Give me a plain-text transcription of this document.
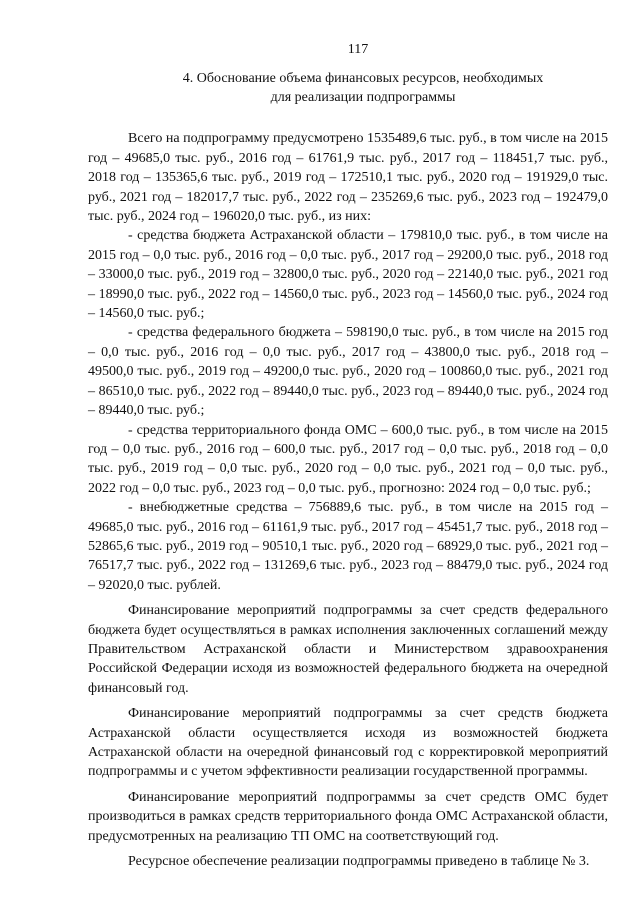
117
4. Обоснование объема финансовых ресурсов, необходимых
для реализации подпрограммы

Всего на подпрограмму предусмотрено 1535489,6 тыс. руб., в том числе на 2015 год – 49685,0 тыс. руб., 2016 год – 61761,9 тыс. руб., 2017 год – 118451,7 тыс. руб., 2018 год – 135365,6 тыс. руб., 2019 год – 172510,1 тыс. руб., 2020 год – 191929,0 тыс. руб., 2021 год – 182017,7 тыс. руб., 2022 год – 235269,6 тыс. руб., 2023 год – 192479,0 тыс. руб., 2024 год – 196020,0 тыс. руб., из них:

- средства бюджета Астраханской области – 179810,0 тыс. руб., в том числе на 2015 год – 0,0 тыс. руб., 2016 год – 0,0 тыс. руб., 2017 год – 29200,0 тыс. руб., 2018 год – 33000,0 тыс. руб., 2019 год – 32800,0 тыс. руб., 2020 год – 22140,0 тыс. руб., 2021 год – 18990,0 тыс. руб., 2022 год – 14560,0 тыс. руб., 2023 год – 14560,0 тыс. руб., 2024 год – 14560,0 тыс. руб.;

- средства федерального бюджета – 598190,0 тыс. руб., в том числе на 2015 год – 0,0 тыс. руб., 2016 год – 0,0 тыс. руб., 2017 год – 43800,0 тыс. руб., 2018 год – 49500,0 тыс. руб., 2019 год – 49200,0 тыс. руб., 2020 год – 100860,0 тыс. руб., 2021 год – 86510,0 тыс. руб., 2022 год – 89440,0 тыс. руб., 2023 год – 89440,0 тыс. руб., 2024 год – 89440,0 тыс. руб.;

- средства территориального фонда ОМС – 600,0 тыс. руб., в том числе на 2015 год – 0,0 тыс. руб., 2016 год – 600,0 тыс. руб., 2017 год – 0,0 тыс. руб., 2018 год – 0,0 тыс. руб., 2019 год – 0,0 тыс. руб., 2020 год – 0,0 тыс. руб., 2021 год – 0,0 тыс. руб., 2022 год – 0,0 тыс. руб., 2023 год – 0,0 тыс. руб., прогнозно: 2024 год – 0,0 тыс. руб.;

- внебюджетные средства – 756889,6 тыс. руб., в том числе на 2015 год – 49685,0 тыс. руб., 2016 год – 61161,9 тыс. руб., 2017 год – 45451,7 тыс. руб., 2018 год – 52865,6 тыс. руб., 2019 год – 90510,1 тыс. руб., 2020 год – 68929,0 тыс. руб., 2021 год – 76517,7 тыс. руб., 2022 год – 131269,6 тыс. руб., 2023 год – 88479,0 тыс. руб., 2024 год – 92020,0 тыс. рублей.

Финансирование мероприятий подпрограммы за счет средств федерального бюджета будет осуществляться в рамках исполнения заключенных соглашений между Правительством Астраханской области и Министерством здравоохранения Российской Федерации исходя из возможностей федерального бюджета на очередной финансовый год.

Финансирование мероприятий подпрограммы за счет средств бюджета Астраханской области осуществляется исходя из возможностей бюджета Астраханской области на очередной финансовый год с корректировкой мероприятий подпрограммы и с учетом эффективности реализации государственной программы.

Финансирование мероприятий подпрограммы за счет средств ОМС будет производиться в рамках средств территориального фонда ОМС Астраханской области, предусмотренных на реализацию ТП ОМС на соответствующий год.

Ресурсное обеспечение реализации подпрограммы приведено в таблице № 3.
